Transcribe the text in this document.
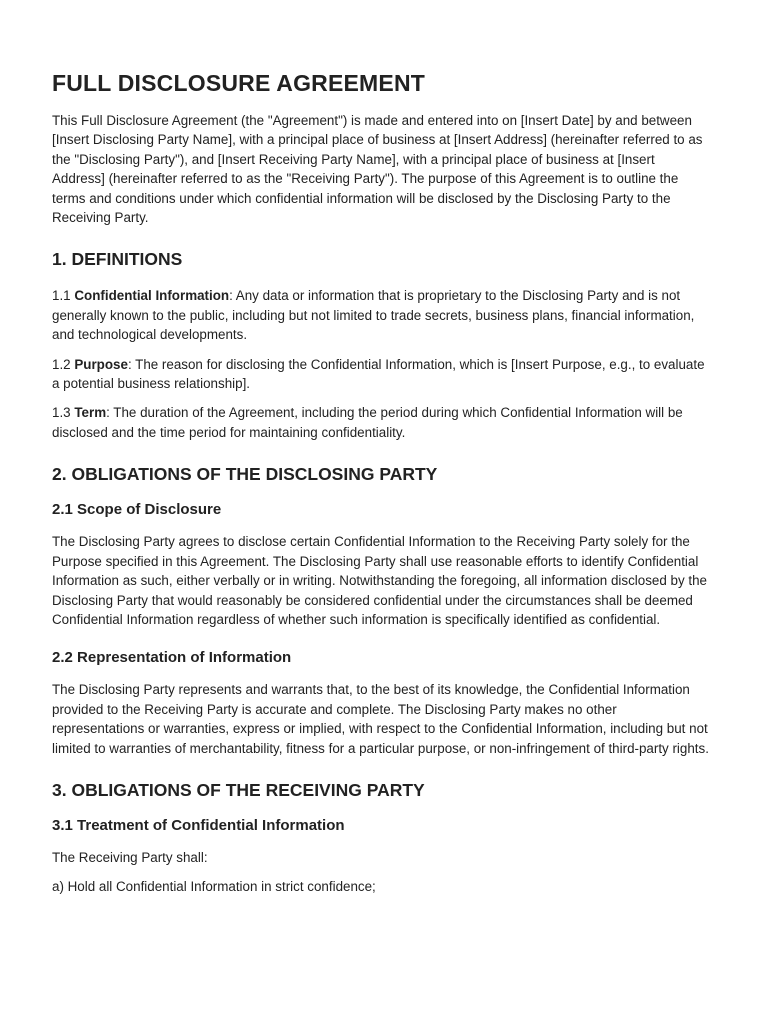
FULL DISCLOSURE AGREEMENT

This Full Disclosure Agreement (the "Agreement") is made and entered into on [Insert Date] by and between [Insert Disclosing Party Name], with a principal place of business at [Insert Address] (hereinafter referred to as the "Disclosing Party"), and [Insert Receiving Party Name], with a principal place of business at [Insert Address] (hereinafter referred to as the "Receiving Party"). The purpose of this Agreement is to outline the terms and conditions under which confidential information will be disclosed by the Disclosing Party to the Receiving Party.

1. DEFINITIONS

1.1 Confidential Information: Any data or information that is proprietary to the Disclosing Party and is not generally known to the public, including but not limited to trade secrets, business plans, financial information, and technological developments.

1.2 Purpose: The reason for disclosing the Confidential Information, which is [Insert Purpose, e.g., to evaluate a potential business relationship].

1.3 Term: The duration of the Agreement, including the period during which Confidential Information will be disclosed and the time period for maintaining confidentiality.

2. OBLIGATIONS OF THE DISCLOSING PARTY
2.1 Scope of Disclosure

The Disclosing Party agrees to disclose certain Confidential Information to the Receiving Party solely for the Purpose specified in this Agreement. The Disclosing Party shall use reasonable efforts to identify Confidential Information as such, either verbally or in writing. Notwithstanding the foregoing, all information disclosed by the Disclosing Party that would reasonably be considered confidential under the circumstances shall be deemed Confidential Information regardless of whether such information is specifically identified as confidential.

2.2 Representation of Information

The Disclosing Party represents and warrants that, to the best of its knowledge, the Confidential Information provided to the Receiving Party is accurate and complete. The Disclosing Party makes no other representations or warranties, express or implied, with respect to the Confidential Information, including but not limited to warranties of merchantability, fitness for a particular purpose, or non-infringement of third-party rights.

3. OBLIGATIONS OF THE RECEIVING PARTY
3.1 Treatment of Confidential Information

The Receiving Party shall:

a) Hold all Confidential Information in strict confidence;
